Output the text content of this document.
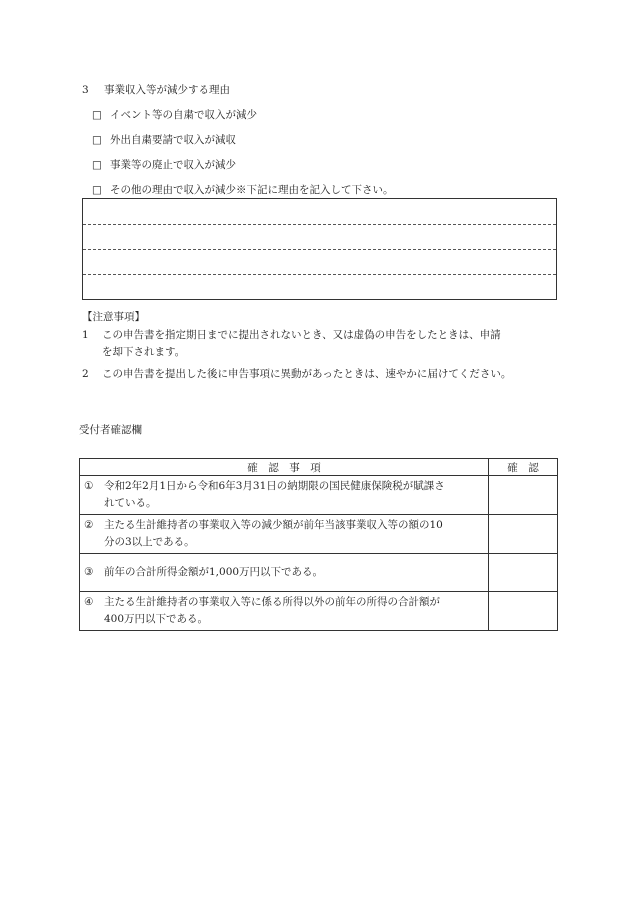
3 事業収入等が減少する理由
□ イベント等の自粛で収入が減少
□ 外出自粛要請で収入が減収
□ 事業等の廃止で収入が減少
□ その他の理由で収入が減少※下記に理由を記入して下さい。
【注意事項】
1 この申告書を指定期日までに提出されないとき、又は虚偽の申告をしたときは、申請
を却下されます。
2 この申告書を提出した後に申告事項に異動があったときは、速やかに届けてください。
受付者確認欄
確　認　事　項	確　認

① 令和2年2月1日から令和6年3月31日の納期限の国民健康保険税が賦課さ
れている。	

② 主たる生計維持者の事業収入等の減少額が前年当該事業収入等の額の10
分の3以上である。	

③ 前年の合計所得金額が1,000万円以下である。	

④ 主たる生計維持者の事業収入等に係る所得以外の前年の所得の合計額が
400万円以下である。	
